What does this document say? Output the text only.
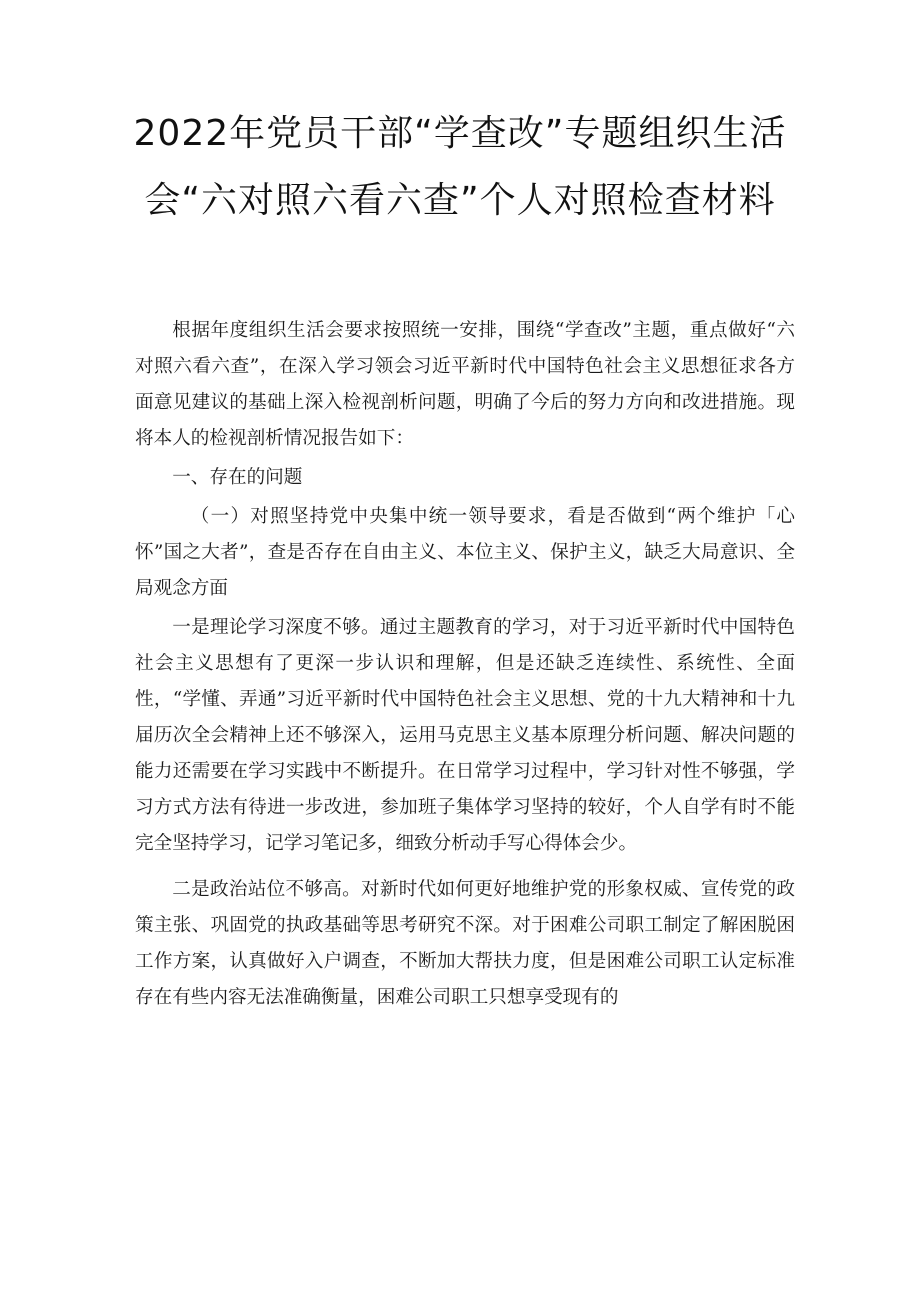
2022年党员干部“学查改”专题组织生活
会“六对照六看六查”个人对照检查材料

根据年度组织生活会要求按照统一安排，围绕“学查改”主题，重点做好“六对照六看六查”，在深入学习领会习近平新时代中国特色社会主义思想征求各方面意见建议的基础上深入检视剖析问题，明确了今后的努力方向和改进措施。现将本人的检视剖析情况报告如下：

一、存在的问题

（一）对照坚持党中央集中统一领导要求，看是否做到“两个维护「心怀”国之大者”，查是否存在自由主义、本位主义、保护主义，缺乏大局意识、全局观念方面

一是理论学习深度不够。通过主题教育的学习，对于习近平新时代中国特色社会主义思想有了更深一步认识和理解，但是还缺乏连续性、系统性、全面性，“学懂、弄通”习近平新时代中国特色社会主义思想、党的十九大精神和十九届历次全会精神上还不够深入，运用马克思主义基本原理分析问题、解决问题的能力还需要在学习实践中不断提升。在日常学习过程中，学习针对性不够强，学习方式方法有待进一步改进，参加班子集体学习坚持的较好，个人自学有时不能完全坚持学习，记学习笔记多，细致分析动手写心得体会少。

二是政治站位不够高。对新时代如何更好地维护党的形象权威、宣传党的政策主张、巩固党的执政基础等思考研究不深。对于困难公司职工制定了解困脱困工作方案，认真做好入户调查，不断加大帮扶力度，但是困难公司职工认定标准存在有些内容无法准确衡量，困难公司职工只想享受现有的
